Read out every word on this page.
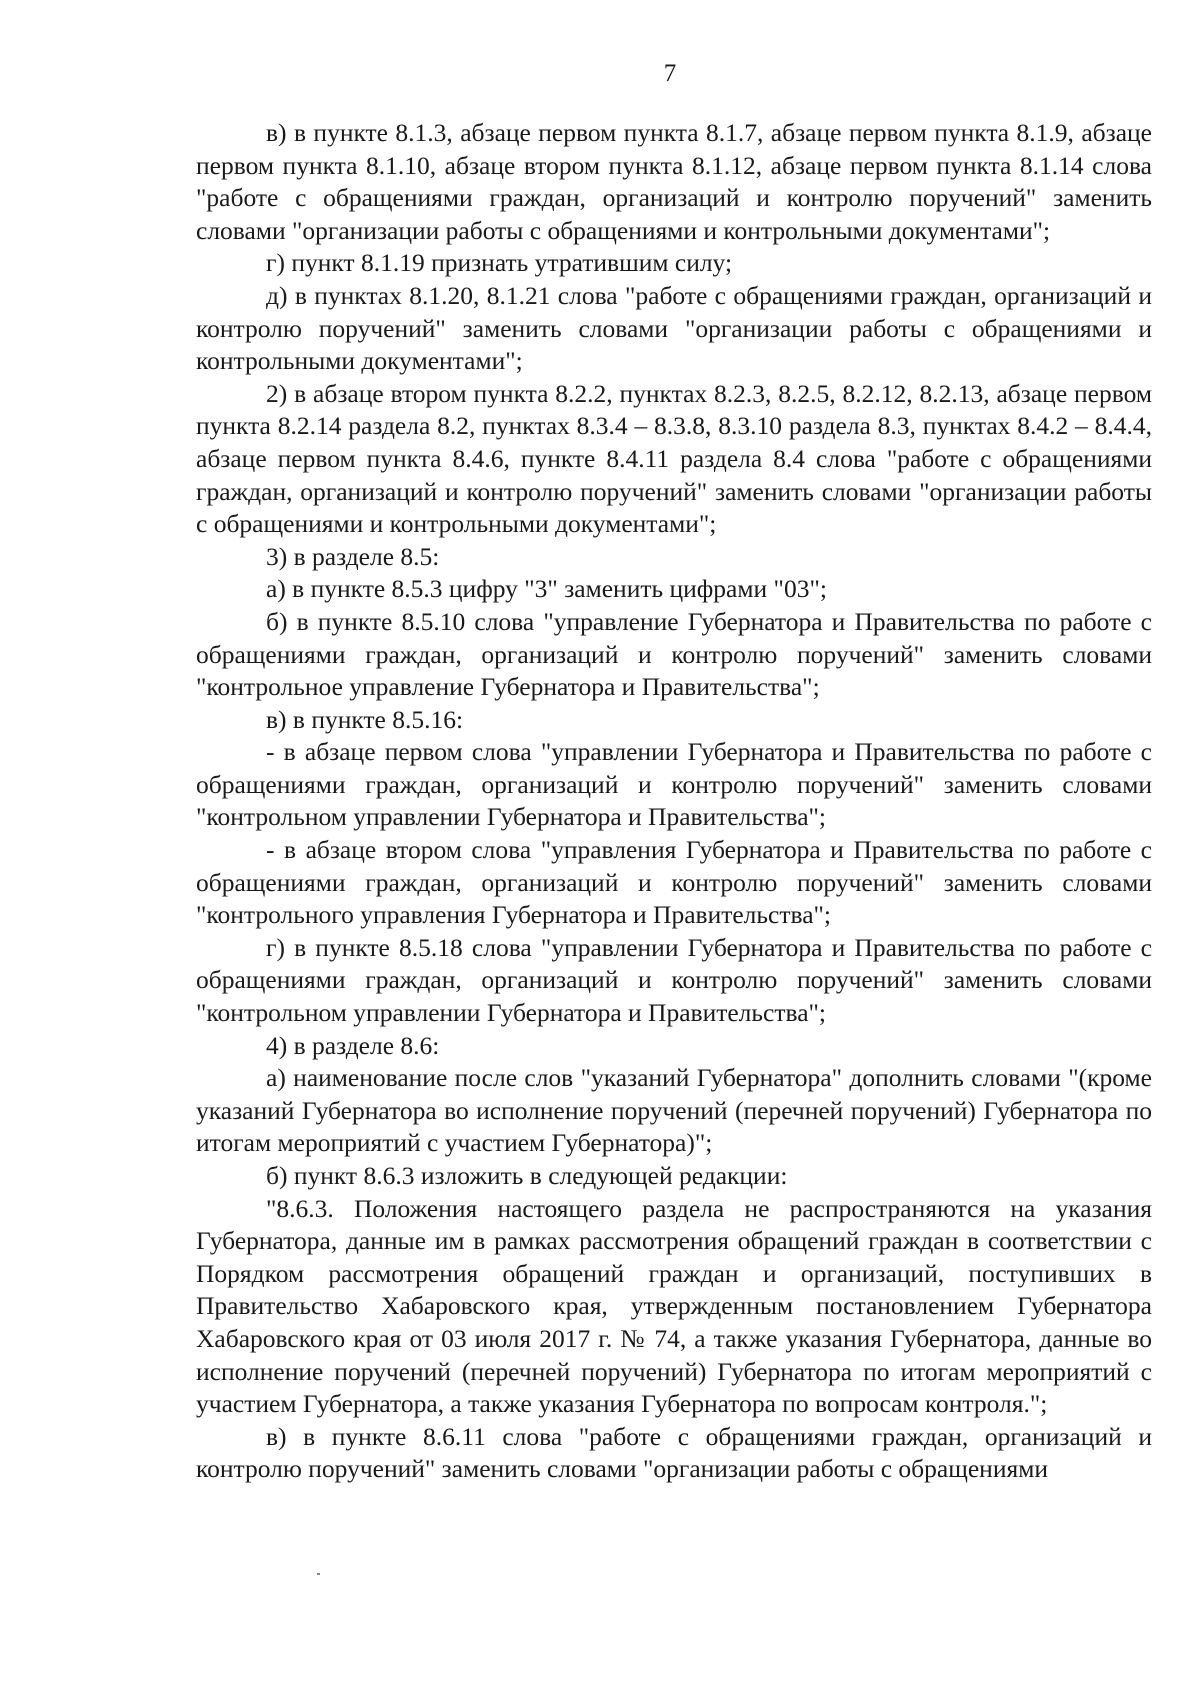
7

в) в пункте 8.1.3, абзаце первом пункта 8.1.7, абзаце первом пункта 8.1.9, абзаце первом пункта 8.1.10, абзаце втором пункта 8.1.12, абзаце первом пункта 8.1.14 слова "работе с обращениями граждан, организаций и контролю поручений" заменить словами "организации работы с обращениями и контрольными документами";

г) пункт 8.1.19 признать утратившим силу;

д) в пунктах 8.1.20, 8.1.21 слова "работе с обращениями граждан, организаций и контролю поручений" заменить словами "организации работы с обращениями и контрольными документами";

2) в абзаце втором пункта 8.2.2, пунктах 8.2.3, 8.2.5, 8.2.12, 8.2.13, абзаце первом пункта 8.2.14 раздела 8.2, пунктах 8.3.4 – 8.3.8, 8.3.10 раздела 8.3, пунктах 8.4.2 – 8.4.4, абзаце первом пункта 8.4.6, пункте 8.4.11 раздела 8.4 слова "работе с обращениями граждан, организаций и контролю поручений" заменить словами "организации работы с обращениями и контрольными документами";

3) в разделе 8.5:

а) в пункте 8.5.3 цифру "3" заменить цифрами "03";

б) в пункте 8.5.10 слова "управление Губернатора и Правительства по работе с обращениями граждан, организаций и контролю поручений" заменить словами "контрольное управление Губернатора и Правительства";

в) в пункте 8.5.16:

- в абзаце первом слова "управлении Губернатора и Правительства по работе с обращениями граждан, организаций и контролю поручений" заменить словами "контрольном управлении Губернатора и Правительства";

- в абзаце втором слова "управления Губернатора и Правительства по работе с обращениями граждан, организаций и контролю поручений" заменить словами "контрольного управления Губернатора и Правительства";

г) в пункте 8.5.18 слова "управлении Губернатора и Правительства по работе с обращениями граждан, организаций и контролю поручений" заменить словами "контрольном управлении Губернатора и Правительства";

4) в разделе 8.6:

а) наименование после слов "указаний Губернатора" дополнить словами "(кроме указаний Губернатора во исполнение поручений (перечней поручений) Губернатора по итогам мероприятий с участием Губернатора)";

б) пункт 8.6.3 изложить в следующей редакции:

"8.6.3. Положения настоящего раздела не распространяются на указания Губернатора, данные им в рамках рассмотрения обращений граждан в соответствии с Порядком рассмотрения обращений граждан и организаций, поступивших в Правительство Хабаровского края, утвержденным постановлением Губернатора Хабаровского края от 03 июля 2017 г. № 74, а также указания Губернатора, данные во исполнение поручений (перечней поручений) Губернатора по итогам мероприятий с участием Губернатора, а также указания Губернатора по вопросам контроля.";

в) в пункте 8.6.11 слова "работе с обращениями граждан, организаций и контролю поручений" заменить словами "организации работы с обращениями
